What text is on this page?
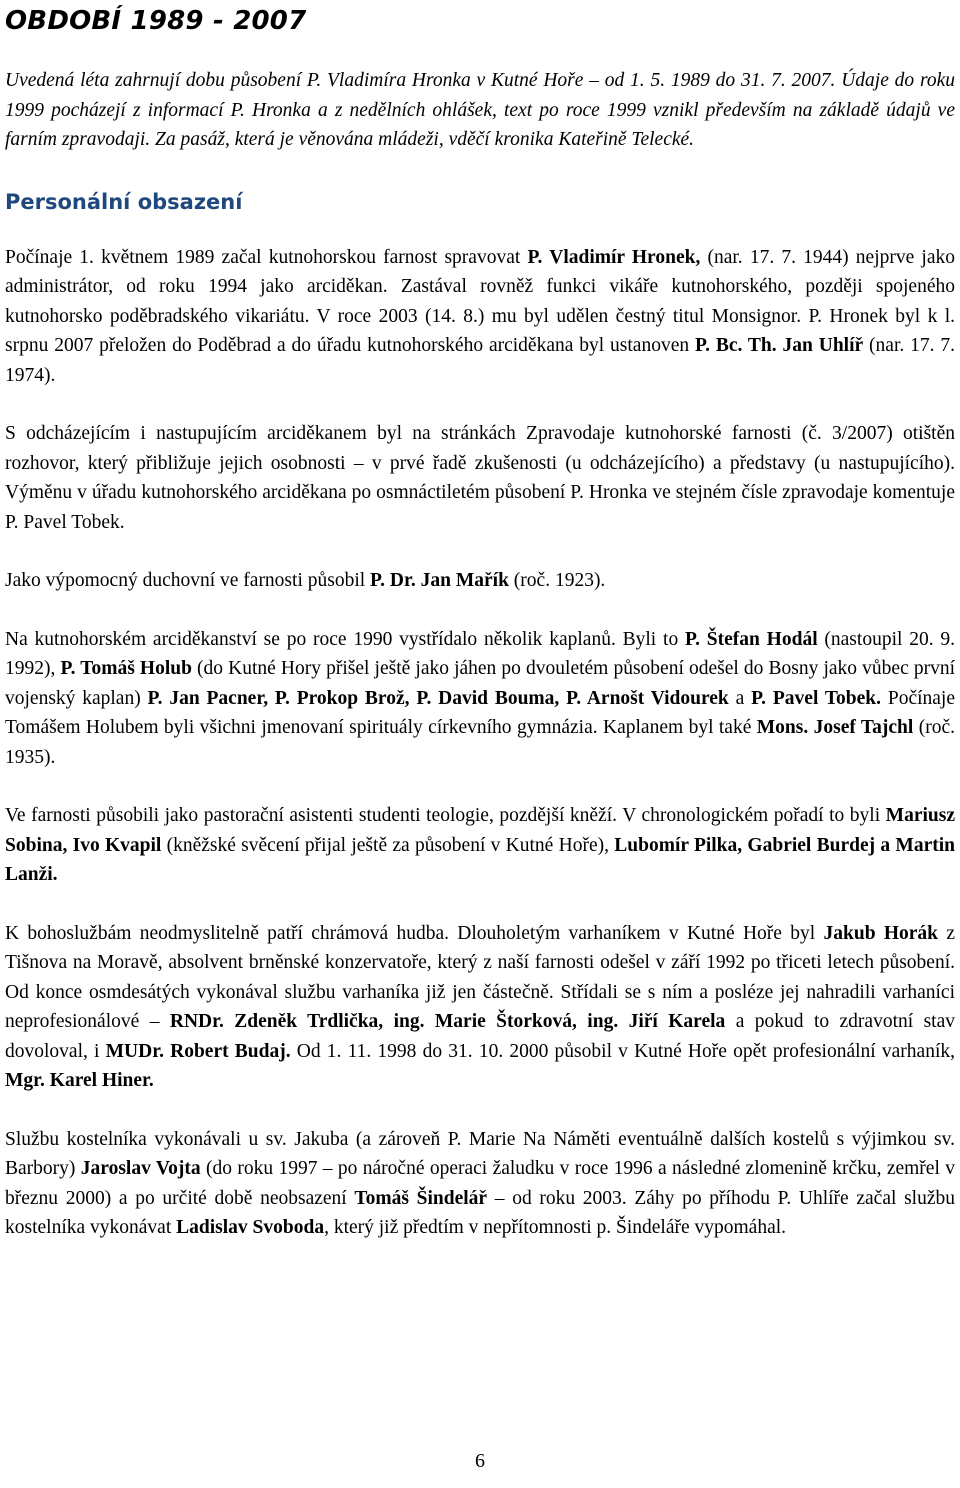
OBDOBÍ 1989 - 2007

Uvedená léta zahrnují dobu působení P. Vladimíra Hronka v Kutné Hoře – od 1. 5. 1989 do 31. 7. 2007. Údaje do roku 1999 pocházejí z informací P. Hronka a z nedělních ohlášek, text po roce 1999 vznikl především na základě údajů ve farním zpravodaji. Za pasáž, která je věnována mládeži, vděčí kronika Kateřině Telecké.

Personální obsazení

Počínaje 1. květnem 1989 začal kutnohorskou farnost spravovat P. Vladimír Hronek, (nar. 17. 7. 1944) nejprve jako administrátor, od roku 1994 jako arciděkan. Zastával rovněž funkci vikáře kutnohorského, později spojeného kutnohorsko poděbradského vikariátu. V roce 2003 (14. 8.) mu byl udělen čestný titul Monsignor. P. Hronek byl k l. srpnu 2007 přeložen do Poděbrad a do úřadu kutnohorského arciděkana byl ustanoven P. Bc. Th. Jan Uhlíř (nar. 17. 7. 1974).

S odcházejícím i nastupujícím arciděkanem byl na stránkách Zpravodaje kutnohorské farnosti (č. 3/2007) otištěn rozhovor, který přibližuje jejich osobnosti – v prvé řadě zkušenosti (u odcházejícího) a představy (u nastupujícího). Výměnu v úřadu kutnohorského arciděkana po osmnáctiletém působení P. Hronka ve stejném čísle zpravodaje komentuje P. Pavel Tobek.

Jako výpomocný duchovní ve farnosti působil P. Dr. Jan Mařík (roč. 1923).

Na kutnohorském arciděkanství se po roce 1990 vystřídalo několik kaplanů. Byli to P. Štefan Hodál (nastoupil 20. 9. 1992), P. Tomáš Holub (do Kutné Hory přišel ještě jako jáhen po dvouletém působení odešel do Bosny jako vůbec první vojenský kaplan) P. Jan Pacner, P. Prokop Brož, P. David Bouma, P. Arnošt Vidourek a P. Pavel Tobek. Počínaje Tomášem Holubem byli všichni jmenovaní spirituály církevního gymnázia. Kaplanem byl také Mons. Josef Tajchl (roč. 1935).

Ve farnosti působili jako pastorační asistenti studenti teologie, pozdější kněží. V chronologickém pořadí to byli Mariusz Sobina, Ivo Kvapil (kněžské svěcení přijal ještě za působení v Kutné Hoře), Lubomír Pilka, Gabriel Burdej a Martin Lanži.

K bohoslužbám neodmyslitelně patří chrámová hudba. Dlouholetým varhaníkem v Kutné Hoře byl Jakub Horák z Tišnova na Moravě, absolvent brněnské konzervatoře, který z naší farnosti odešel v září 1992 po třiceti letech působení. Od konce osmdesátých vykonával službu varhaníka již jen částečně. Střídali se s ním a posléze jej nahradili varhaníci neprofesionálové – RNDr. Zdeněk Trdlička, ing. Marie Štorková, ing. Jiří Karela a pokud to zdravotní stav dovoloval, i MUDr. Robert Budaj. Od 1. 11. 1998 do 31. 10. 2000 působil v Kutné Hoře opět profesionální varhaník, Mgr. Karel Hiner.

Službu kostelníka vykonávali u sv. Jakuba (a zároveň P. Marie Na Náměti eventuálně dalších kostelů s výjimkou sv. Barbory) Jaroslav Vojta (do roku 1997 – po náročné operaci žaludku v roce 1996 a následné zlomenině krčku, zemřel v březnu 2000) a po určité době neobsazení Tomáš Šindelář – od roku 2003. Záhy po příhodu P. Uhlíře začal službu kostelníka vykonávat Ladislav Svoboda, který již předtím v nepřítomnosti p. Šindeláře vypomáhal.

6
